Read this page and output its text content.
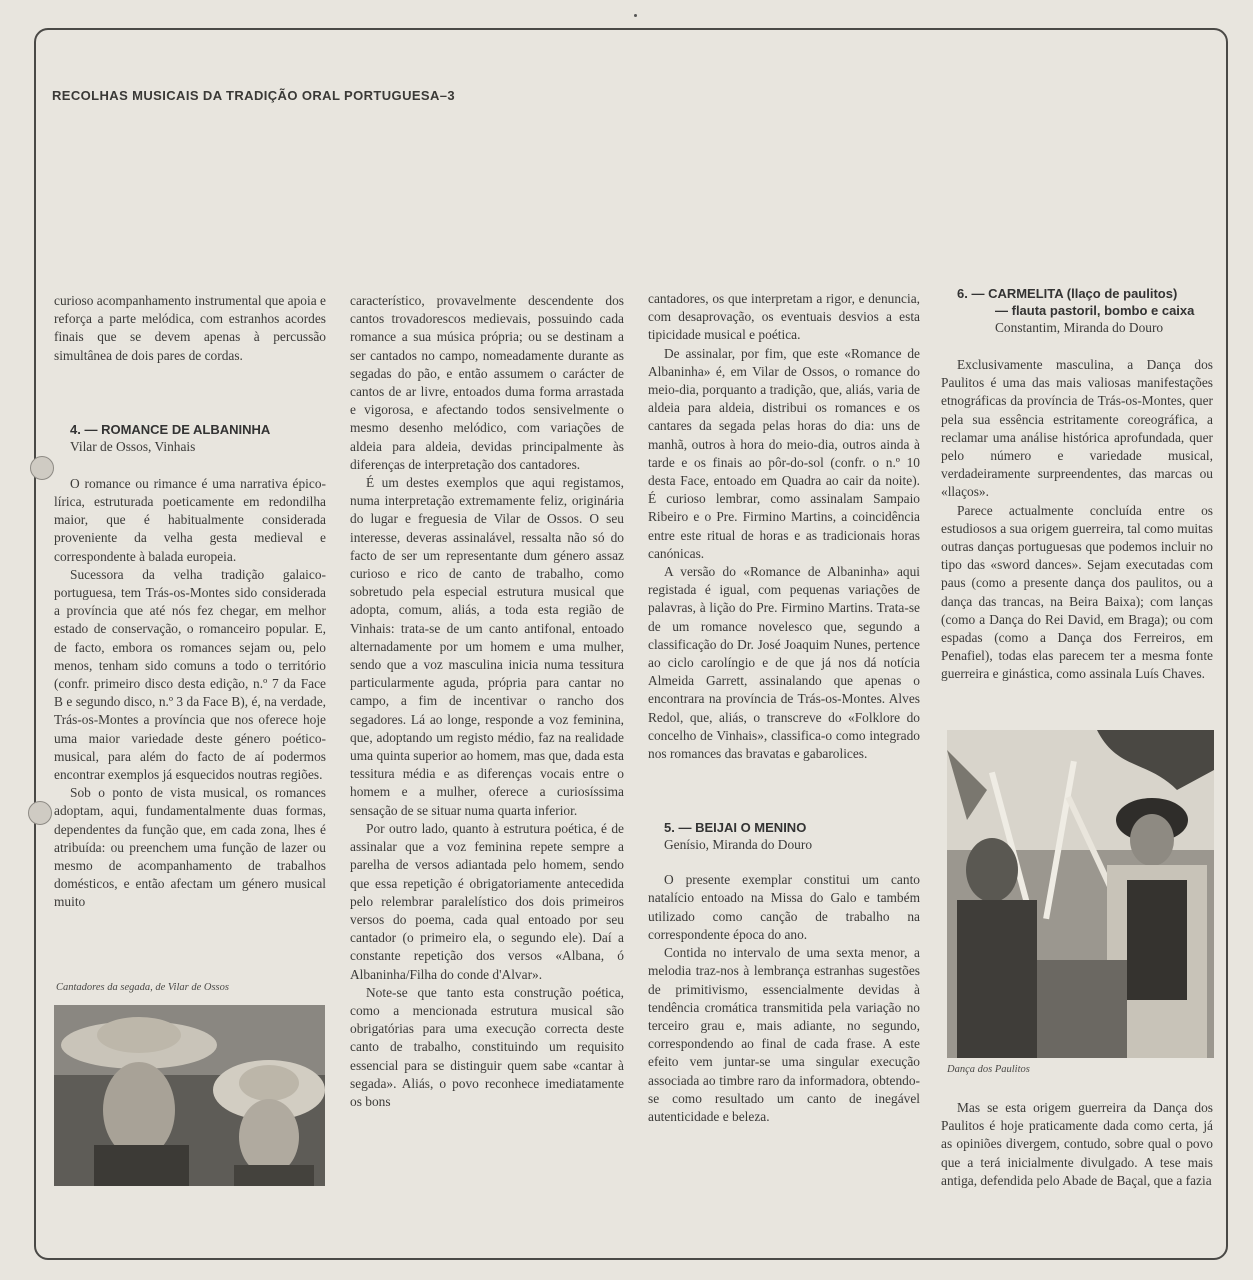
RECOLHAS MUSICAIS DA TRADIÇÃO ORAL PORTUGUESA–3

curioso acompanhamento instrumental que apoia e reforça a parte melódica, com estranhos acordes finais que se devem apenas à percussão simultânea de dois pares de cordas.

4. — ROMANCE DE ALBANINHA

Vilar de Ossos, Vinhais

O romance ou rimance é uma narrativa épico-lírica, estruturada poeticamente em redondilha maior, que é habitualmente considerada proveniente da velha gesta medieval e correspondente à balada europeia.

Sucessora da velha tradição galaico-portuguesa, tem Trás-os-Montes sido considerada a província que até nós fez chegar, em melhor estado de conservação, o romanceiro popular. E, de facto, embora os romances sejam ou, pelo menos, tenham sido comuns a todo o território (confr. primeiro disco desta edição, n.º 7 da Face B e segundo disco, n.º 3 da Face B), é, na verdade, Trás-os-Montes a província que nos oferece hoje uma maior variedade deste género poético-musical, para além do facto de aí podermos encontrar exemplos já esquecidos noutras regiões.

Sob o ponto de vista musical, os romances adoptam, aqui, fundamentalmente duas formas, dependentes da função que, em cada zona, lhes é atribuída: ou preenchem uma função de lazer ou mesmo de acompanhamento de trabalhos domésticos, e então afectam um género musical muito

Cantadores da segada, de Vilar de Ossos

característico, provavelmente descendente dos cantos trovadorescos medievais, possuindo cada romance a sua música própria; ou se destinam a ser cantados no campo, nomeadamente durante as segadas do pão, e então assumem o carácter de cantos de ar livre, entoados duma forma arrastada e vigorosa, e afectando todos sensivelmente o mesmo desenho melódico, com variações de aldeia para aldeia, devidas principalmente às diferenças de interpretação dos cantadores.

É um destes exemplos que aqui registamos, numa interpretação extremamente feliz, originária do lugar e freguesia de Vilar de Ossos. O seu interesse, deveras assinalável, ressalta não só do facto de ser um representante dum género assaz curioso e rico de canto de trabalho, como sobretudo pela especial estrutura musical que adopta, comum, aliás, a toda esta região de Vinhais: trata-se de um canto antifonal, entoado alternadamente por um homem e uma mulher, sendo que a voz masculina inicia numa tessitura particularmente aguda, própria para cantar no campo, a fim de incentivar o rancho dos segadores. Lá ao longe, responde a voz feminina, que, adoptando um registo médio, faz na realidade uma quinta superior ao homem, mas que, dada esta tessitura média e as diferenças vocais entre o homem e a mulher, oferece a curiosíssima sensação de se situar numa quarta inferior.

Por outro lado, quanto à estrutura poética, é de assinalar que a voz feminina repete sempre a parelha de versos adiantada pelo homem, sendo que essa repetição é obrigatoriamente antecedida pelo relembrar paralelístico dos dois primeiros versos do poema, cada qual entoado por seu cantador (o primeiro ela, o segundo ele). Daí a constante repetição dos versos «Albana, ó Albaninha/Filha do conde d'Alvar».

Note-se que tanto esta construção poética, como a mencionada estrutura musical são obrigatórias para uma execução correcta deste canto de trabalho, constituindo um requisito essencial para se distinguir quem sabe «cantar à segada». Aliás, o povo reconhece imediatamente os bons

cantadores, os que interpretam a rigor, e denuncia, com desaprovação, os eventuais desvios a esta tipicidade musical e poética.

De assinalar, por fim, que este «Romance de Albaninha» é, em Vilar de Ossos, o romance do meio-dia, porquanto a tradição, que, aliás, varia de aldeia para aldeia, distribui os romances e os cantares da segada pelas horas do dia: uns de manhã, outros à hora do meio-dia, outros ainda à tarde e os finais ao pôr-do-sol (confr. o n.º 10 desta Face, entoado em Quadra ao cair da noite). É curioso lembrar, como assinalam Sampaio Ribeiro e o Pre. Firmino Martins, a coincidência entre este ritual de horas e as tradicionais horas canónicas.

A versão do «Romance de Albaninha» aqui registada é igual, com pequenas variações de palavras, à lição do Pre. Firmino Martins. Trata-se de um romance novelesco que, segundo a classificação do Dr. José Joaquim Nunes, pertence ao ciclo carolíngio e de que já nos dá notícia Almeida Garrett, assinalando que apenas o encontrara na província de Trás-os-Montes. Alves Redol, que, aliás, o transcreve do «Folklore do concelho de Vinhais», classifica-o como integrado nos romances das bravatas e gabarolices.

5. — BEIJAI O MENINO

Genísio, Miranda do Douro

O presente exemplar constitui um canto natalício entoado na Missa do Galo e também utilizado como canção de trabalho na correspondente época do ano.

Contida no intervalo de uma sexta menor, a melodia traz-nos à lembrança estranhas sugestões de primitivismo, essencialmente devidas à tendência cromática transmitida pela variação no terceiro grau e, mais adiante, no segundo, correspondendo ao final de cada frase. A este efeito vem juntar-se uma singular execução associada ao timbre raro da informadora, obtendo-se como resultado um canto de inegável autenticidade e beleza.

6. — CARMELITA (llaço de paulitos)

— flauta pastoril, bombo e caixa

Constantim, Miranda do Douro

Exclusivamente masculina, a Dança dos Paulitos é uma das mais valiosas manifestações etnográficas da província de Trás-os-Montes, quer pela sua essência estritamente coreográfica, a reclamar uma análise histórica aprofundada, quer pelo número e variedade musical, verdadeiramente surpreendentes, das marcas ou «llaços».

Parece actualmente concluída entre os estudiosos a sua origem guerreira, tal como muitas outras danças portuguesas que podemos incluir no tipo das «sword dances». Sejam executadas com paus (como a presente dança dos paulitos, ou a dança das trancas, na Beira Baixa); com lanças (como a Dança do Rei David, em Braga); ou com espadas (como a Dança dos Ferreiros, em Penafiel), todas elas parecem ter a mesma fonte guerreira e ginástica, como assinala Luís Chaves.

Dança dos Paulitos

Mas se esta origem guerreira da Dança dos Paulitos é hoje praticamente dada como certa, já as opiniões divergem, contudo, sobre qual o povo que a terá inicialmente divulgado. A tese mais antiga, defendida pelo Abade de Baçal, que a fazia
